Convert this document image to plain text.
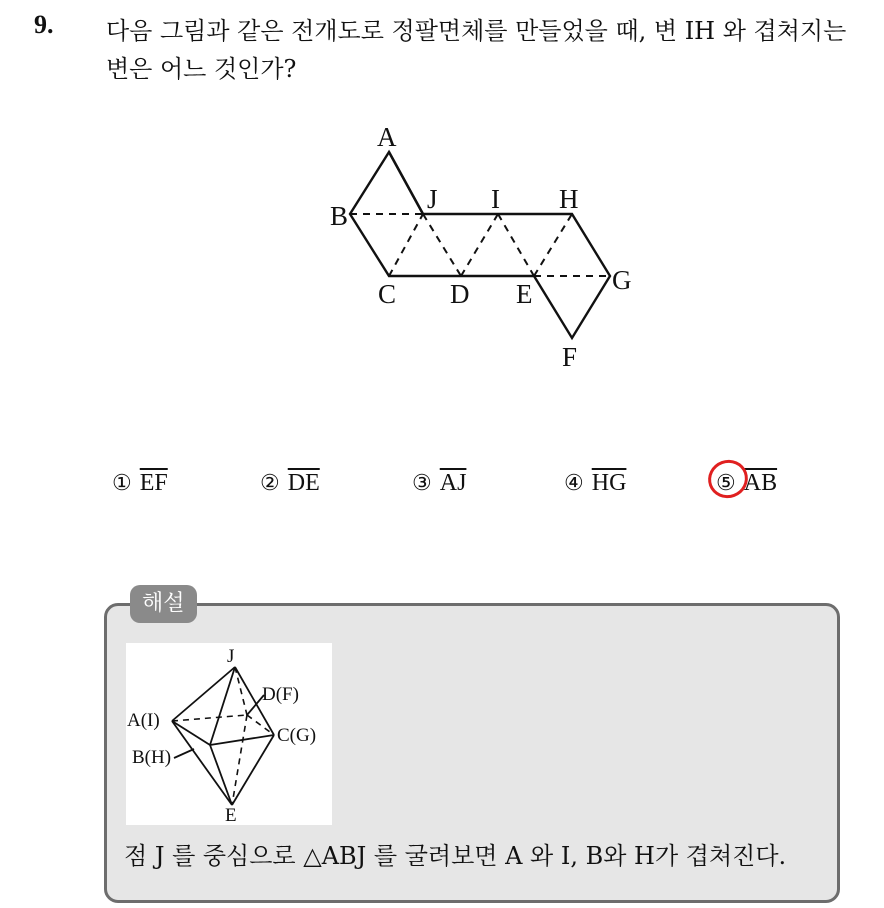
9. 다음 그림과 같은 전개도로 정팔면체를 만들었을 때, 변 IH 와 겹쳐지는 변은 어느 것인가?
A
B
J I H
G
C D E
F
① $\overline{EF}$	② $\overline{DE}$	③ $\overline{AJ}$	④ $\overline{HG}$	⑤ $\overline{AB}$
해설
J
D(F)
A(I)
C(G)
B(H)
E
점 J 를 중심으로 △ABJ 를 굴려보면 A 와 I, B와 H가 겹쳐진다.
